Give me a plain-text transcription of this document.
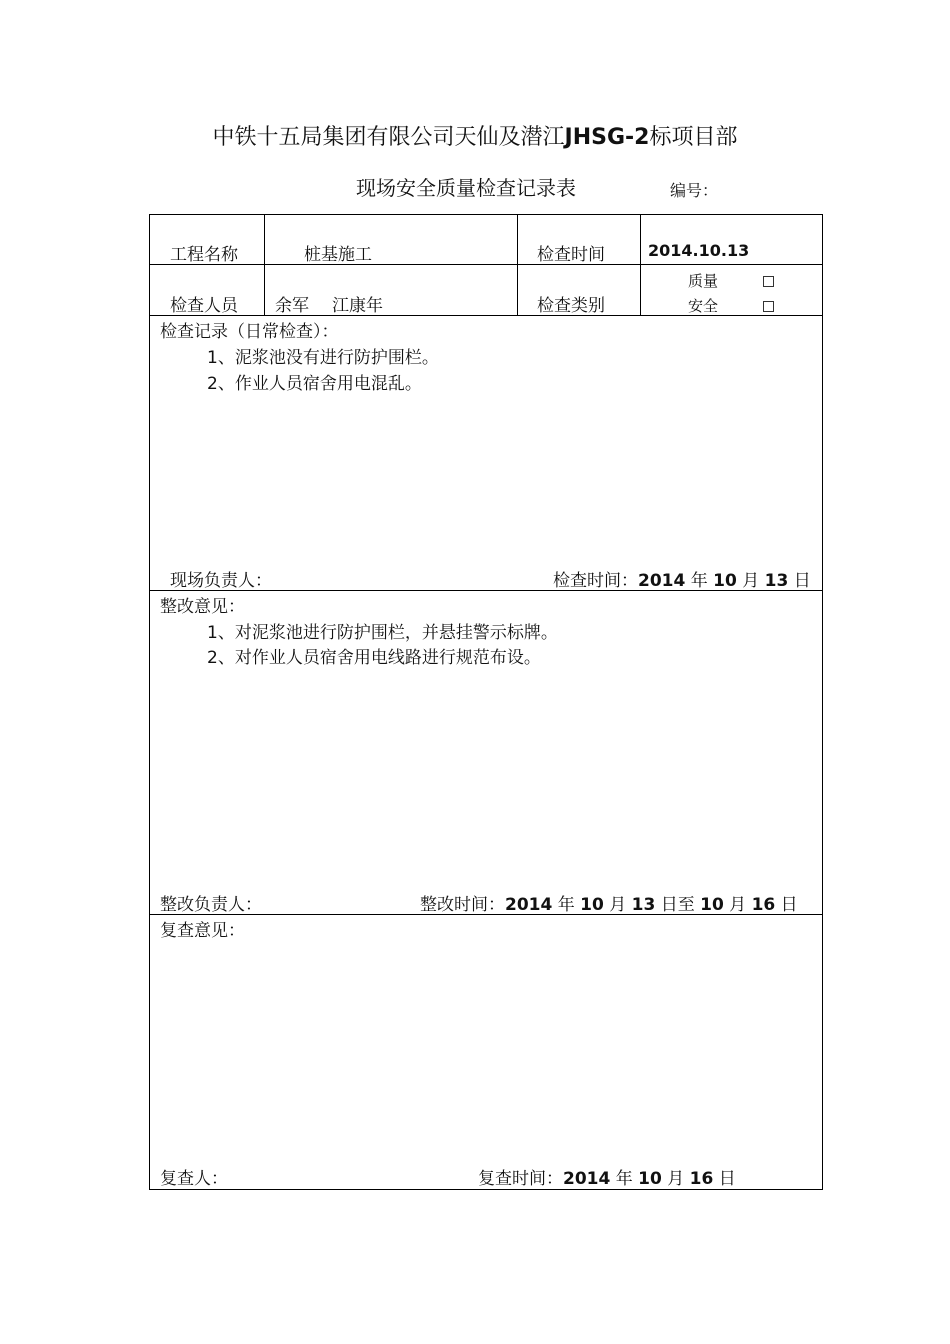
中铁十五局集团有限公司天仙及潜江JHSG-2标项目部
现场安全质量检查记录表	编号：
工程名称	桩基施工	检查时间	2014.10.13
检查人员 余军 江康年	检查类别
质量
安全
检查记录（日常检查）：
1、泥浆池没有进行防护围栏。
2、作业人员宿舍用电混乱。
现场负责人：	检查时间：2014 年 10 月 13 日
整改意见：
1、对泥浆池进行防护围栏，并悬挂警示标牌。
2、对作业人员宿舍用电线路进行规范布设。
整改负责人：	整改时间：2014 年 10 月 13 日至 10 月 16 日
复查意见：
复查人：	复查时间：2014 年 10 月 16 日
